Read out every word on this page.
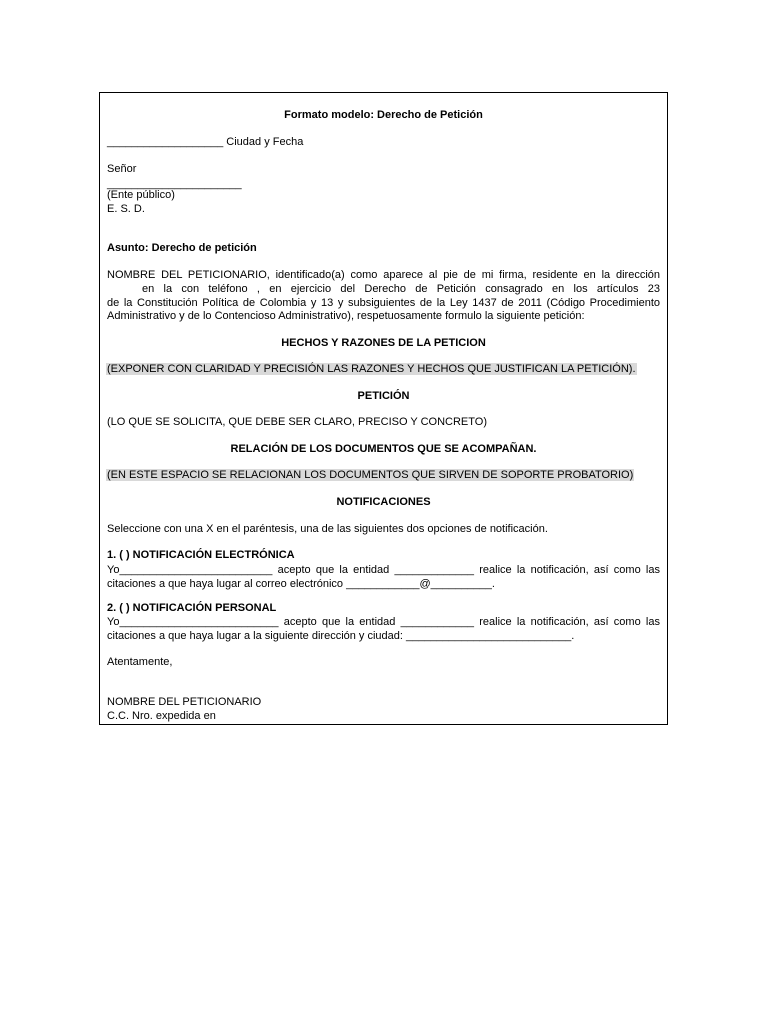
Formato modelo: Derecho de Petición
___________________ Ciudad y Fecha
Señor
______________________
(Ente público)
E. S. D.
Asunto: Derecho de petición
NOMBRE DEL PETICIONARIO, identificado(a) como aparece al pie de mi firma, residente en la dirección
en la con teléfono , en ejercicio del Derecho de Petición consagrado en los artículos 23
de la Constitución Política de Colombia y 13 y subsiguientes de la Ley 1437 de 2011 (Código Procedimiento
Administrativo y de lo Contencioso Administrativo), respetuosamente formulo la siguiente petición:
HECHOS Y RAZONES DE LA PETICION
(EXPONER CON CLARIDAD Y PRECISIÓN LAS RAZONES Y HECHOS QUE JUSTIFICAN LA PETICIÓN).
PETICIÓN
(LO QUE SE SOLICITA, QUE DEBE SER CLARO, PRECISO Y CONCRETO)
RELACIÓN DE LOS DOCUMENTOS QUE SE ACOMPAÑAN.
(EN ESTE ESPACIO SE RELACIONAN LOS DOCUMENTOS QUE SIRVEN DE SOPORTE PROBATORIO)
NOTIFICACIONES
Seleccione con una X en el paréntesis, una de las siguientes dos opciones de notificación.
1. ( ) NOTIFICACIÓN ELECTRÓNICA
Yo_________________________ acepto que la entidad _____________ realice la notificación, así como las
citaciones a que haya lugar al correo electrónico ____________@__________.
2. ( ) NOTIFICACIÓN PERSONAL
Yo__________________________ acepto que la entidad ____________ realice la notificación, así como las
citaciones a que haya lugar a la siguiente dirección y ciudad: ___________________________.
Atentamente,
NOMBRE DEL PETICIONARIO
C.C. Nro. expedida en
